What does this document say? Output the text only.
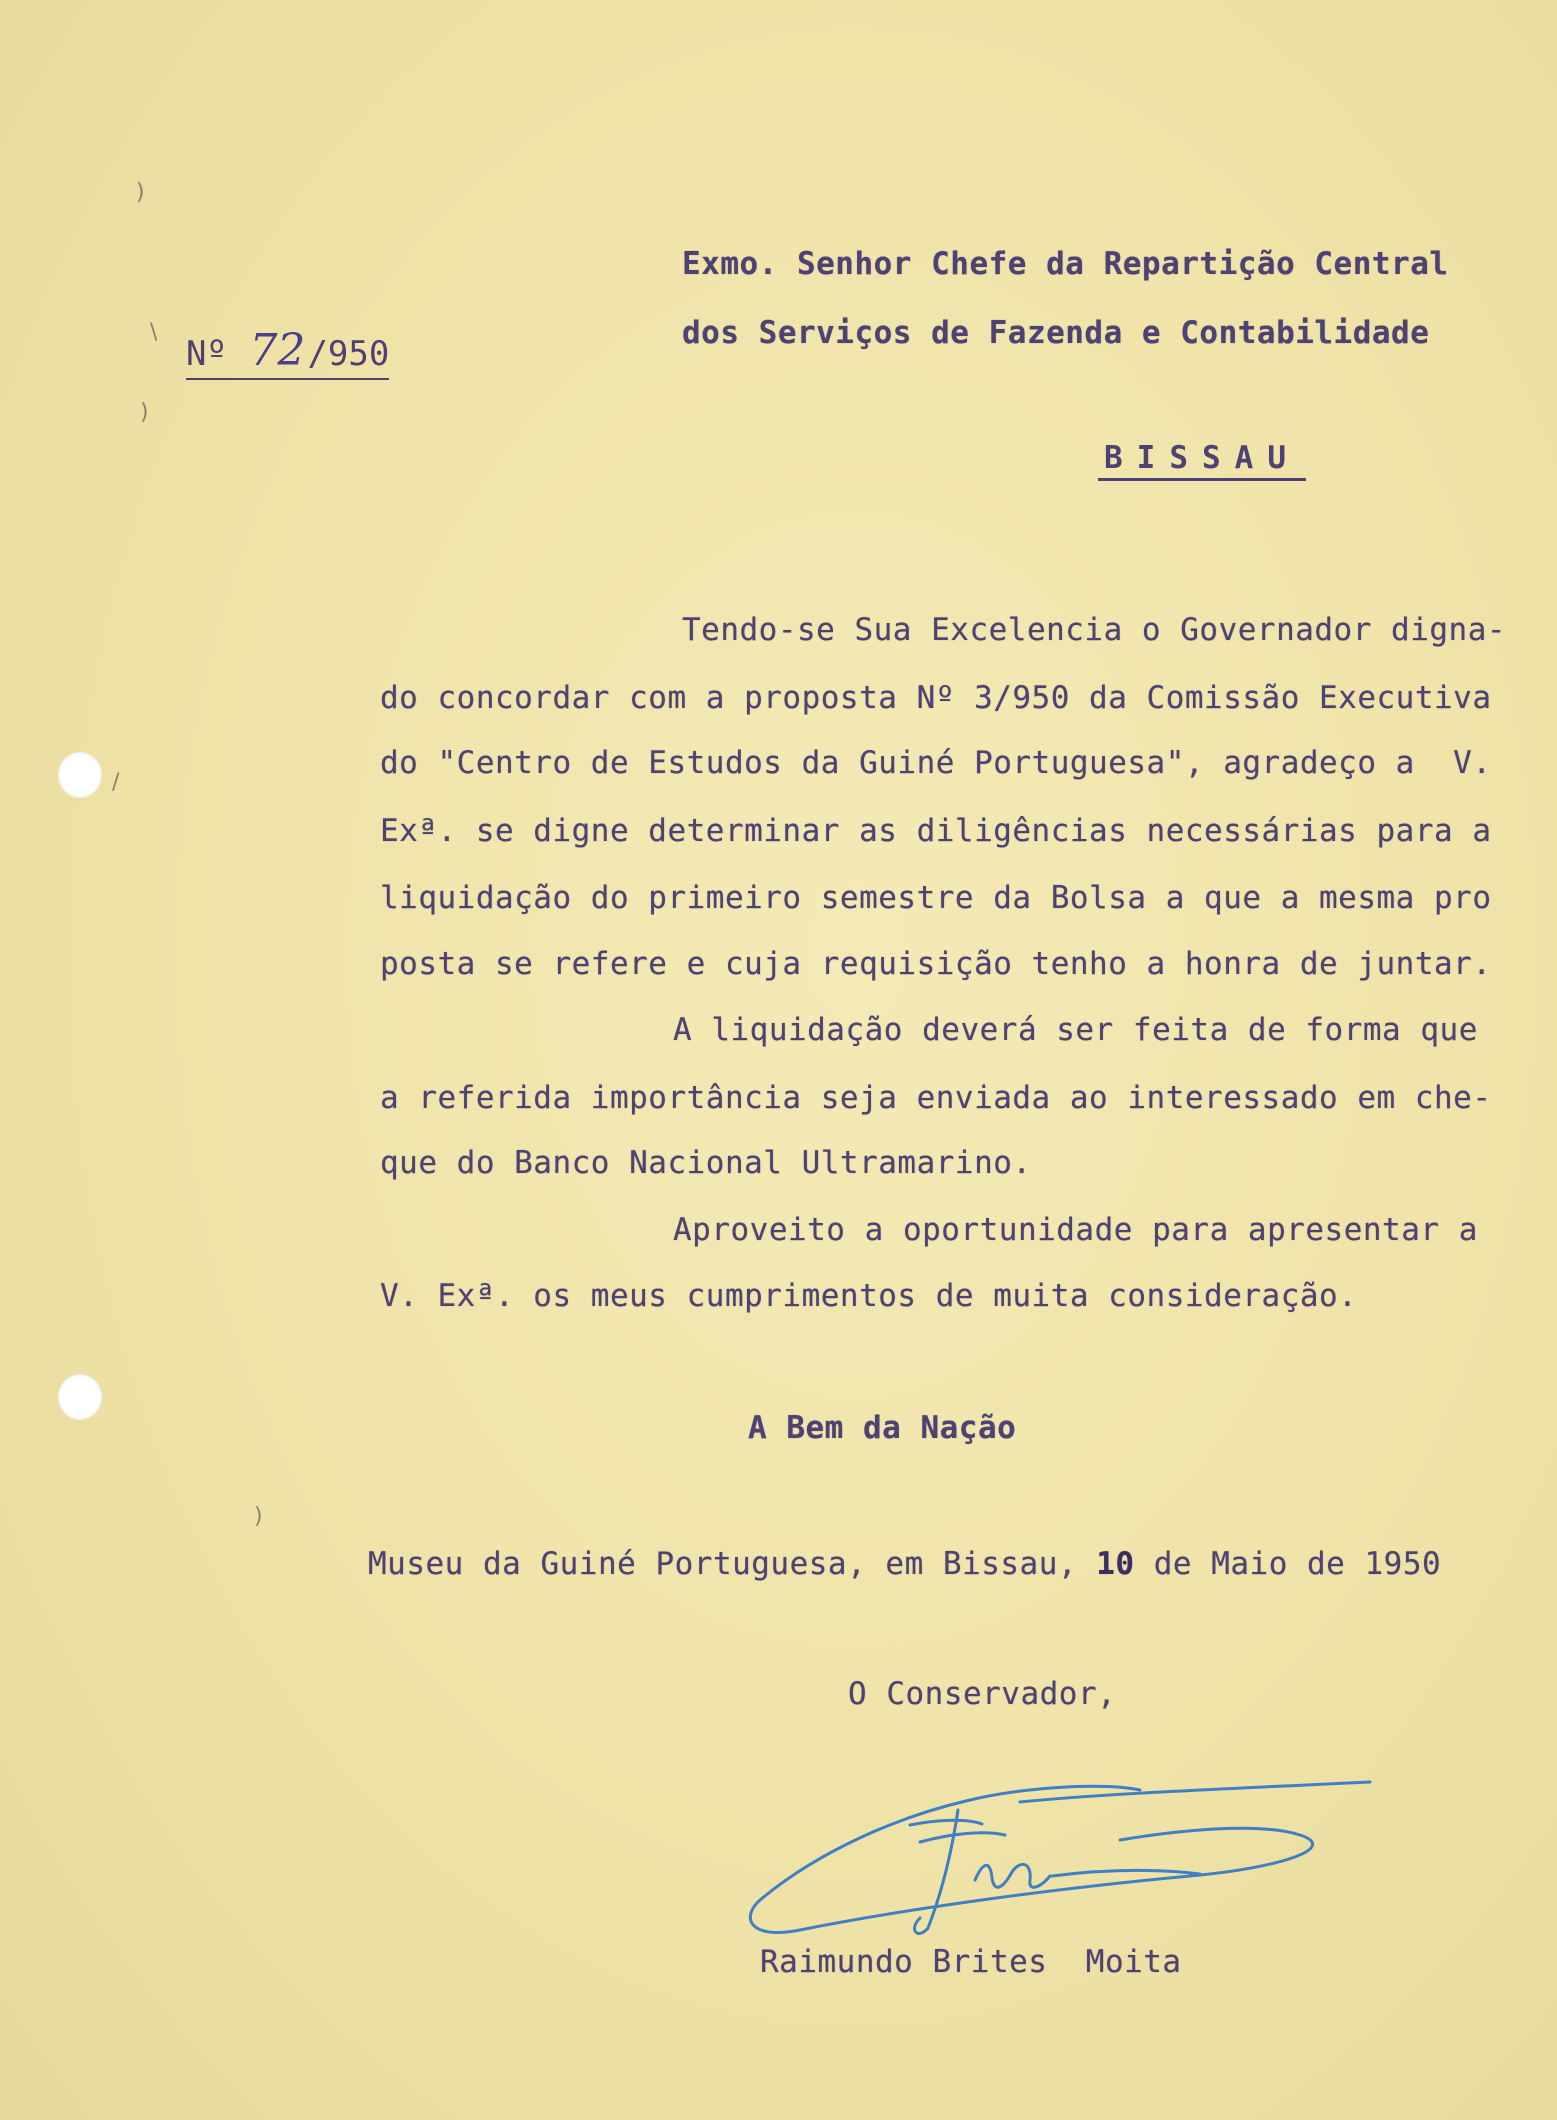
)
\
)
/
)
Exmo. Senhor Chefe da Repartição Central
dos Serviços de Fazenda e Contabilidade
Nº 72/950
BISSAU
Tendo-se Sua Excelencia o Governador digna-
do concordar com a proposta Nº 3/950 da Comissão Executiva
do "Centro de Estudos da Guiné Portuguesa", agradeço a  V.
Exª. se digne determinar as diligências necessárias para a
liquidação do primeiro semestre da Bolsa a que a mesma pro
posta se refere e cuja requisição tenho a honra de juntar.
A liquidação deverá ser feita de forma que
a referida importância seja enviada ao interessado em che-
que do Banco Nacional Ultramarino.
Aproveito a oportunidade para apresentar a
V. Exª. os meus cumprimentos de muita consideração.
A Bem da Nação
Museu da Guiné Portuguesa, em Bissau, 10 de Maio de 1950
O Conservador,
Raimundo Brites  Moita
